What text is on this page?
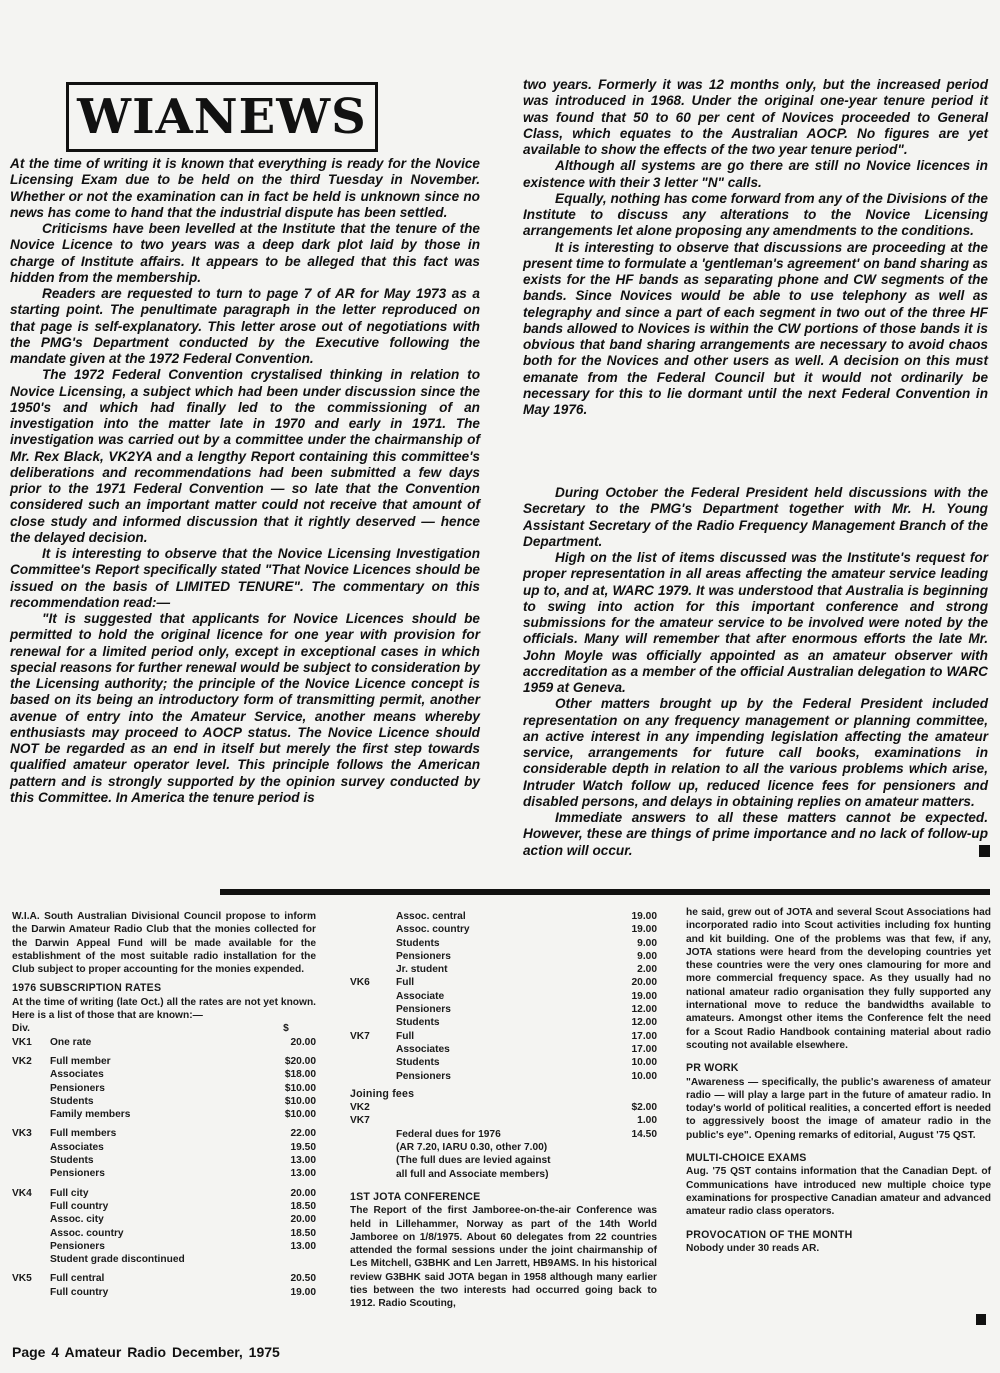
WIANEWS

At the time of writing it is known that everything is ready for the Novice Licensing Exam due to be held on the third Tuesday in November. Whether or not the examination can in fact be held is unknown since no news has come to hand that the industrial dispute has been settled.

Criticisms have been levelled at the Institute that the tenure of the Novice Licence to two years was a deep dark plot laid by those in charge of Institute affairs. It appears to be alleged that this fact was hidden from the membership.

Readers are requested to turn to page 7 of AR for May 1973 as a starting point. The penultimate paragraph in the letter reproduced on that page is self-explanatory. This letter arose out of negotiations with the PMG's Department conducted by the Executive following the mandate given at the 1972 Federal Convention.

The 1972 Federal Convention crystalised thinking in relation to Novice Licensing, a subject which had been under discussion since the 1950's and which had finally led to the commissioning of an investigation into the matter late in 1970 and early in 1971. The investigation was carried out by a committee under the chairmanship of Mr. Rex Black, VK2YA and a lengthy Report containing this committee's deliberations and recommendations had been submitted a few days prior to the 1971 Federal Convention — so late that the Convention considered such an important matter could not receive that amount of close study and informed discussion that it rightly deserved — hence the delayed decision.

It is interesting to observe that the Novice Licensing Investigation Committee's Report specifically stated "That Novice Licences should be issued on the basis of LIMITED TENURE". The commentary on this recommendation read:—

"It is suggested that applicants for Novice Licences should be permitted to hold the original licence for one year with provision for renewal for a limited period only, except in exceptional cases in which special reasons for further renewal would be subject to consideration by the Licensing authority; the principle of the Novice Licence concept is based on its being an introductory form of transmitting permit, another avenue of entry into the Amateur Service, another means whereby enthusiasts may proceed to AOCP status. The Novice Licence should NOT be regarded as an end in itself but merely the first step towards qualified amateur operator level. This principle follows the American pattern and is strongly supported by the opinion survey conducted by this Committee. In America the tenure period is

two years. Formerly it was 12 months only, but the increased period was introduced in 1968. Under the original one-year tenure period it was found that 50 to 60 per cent of Novices proceeded to General Class, which equates to the Australian AOCP. No figures are yet available to show the effects of the two year tenure period".

Although all systems are go there are still no Novice licences in existence with their 3 letter "N" calls.

Equally, nothing has come forward from any of the Divisions of the Institute to discuss any alterations to the Novice Licensing arrangements let alone proposing any amendments to the conditions.

It is interesting to observe that discussions are proceeding at the present time to formulate a 'gentleman's agreement' on band sharing as exists for the HF bands as separating phone and CW segments of the bands. Since Novices would be able to use telephony as well as telegraphy and since a part of each segment in two out of the three HF bands allowed to Novices is within the CW portions of those bands it is obvious that band sharing arrangements are necessary to avoid chaos both for the Novices and other users as well. A decision on this must emanate from the Federal Council but it would not ordinarily be necessary for this to lie dormant until the next Federal Convention in May 1976.

During October the Federal President held discussions with the Secretary to the PMG's Department together with Mr. H. Young Assistant Secretary of the Radio Frequency Management Branch of the Department.

High on the list of items discussed was the Institute's request for proper representation in all areas affecting the amateur service leading up to, and at, WARC 1979. It was understood that Australia is beginning to swing into action for this important conference and strong submissions for the amateur service to be involved were noted by the officials. Many will remember that after enormous efforts the late Mr. John Moyle was officially appointed as an amateur observer with accreditation as a member of the official Australian delegation to WARC 1959 at Geneva.

Other matters brought up by the Federal President included representation on any frequency management or planning committee, an active interest in any impending legislation affecting the amateur service, arrangements for future call books, examinations in considerable depth in relation to all the various problems which arise, Intruder Watch follow up, reduced licence fees for pensioners and disabled persons, and delays in obtaining replies on amateur matters.

Immediate answers to all these matters cannot be expected. However, these are things of prime importance and no lack of follow-up action will occur.

W.I.A. South Australian Divisional Council propose to inform the Darwin Amateur Radio Club that the monies collected for the Darwin Appeal Fund will be made available for the establishment of the most suitable radio installation for the Club subject to proper accounting for the monies expended.

1976 SUBSCRIPTION RATES

At the time of writing (late Oct.) all the rates are not yet known. Here is a list of those that are known:—

Div.	$
VK1	One rate	20.00
VK2	Full member	$20.00
Associates	$18.00
Pensioners	$10.00
Students	$10.00
Family members	$10.00
VK3	Full members	22.00
Associates	19.50
Students	13.00
Pensioners	13.00
VK4	Full city	20.00
Full country	18.50
Assoc. city	20.00
Assoc. country	18.50
Pensioners	13.00
Student grade discontinued
VK5	Full central	20.50
Full country	19.00
Assoc. central	19.00
Assoc. country	19.00
Students	9.00
Pensioners	9.00
Jr. student	2.00
VK6	Full	20.00
Associate	19.00
Pensioners	12.00
Students	12.00
VK7	Full	17.00
Associates	17.00
Students	10.00
Pensioners	10.00
Joining fees
VK2	$2.00
VK7	1.00
Federal dues for 1976	14.50
(AR 7.20, IARU 0.30, other 7.00)
(The full dues are levied against
all full and Associate members)
1ST JOTA CONFERENCE

The Report of the first Jamboree-on-the-air Conference was held in Lillehammer, Norway as part of the 14th World Jamboree on 1/8/1975. About 60 delegates from 22 countries attended the formal sessions under the joint chairmanship of Les Mitchell, G3BHK and Len Jarrett, HB9AMS. In his historical review G3BHK said JOTA began in 1958 although many earlier ties between the two interests had occurred going back to 1912. Radio Scouting,

he said, grew out of JOTA and several Scout Associations had incorporated radio into Scout activities including fox hunting and kit building. One of the problems was that few, if any, JOTA stations were heard from the developing countries yet these countries were the very ones clamouring for more and more commercial frequency space. As they usually had no national amateur radio organisation they fully supported any international move to reduce the bandwidths available to amateurs. Amongst other items the Conference felt the need for a Scout Radio Handbook containing material about radio scouting not available elsewhere.

PR WORK

"Awareness — specifically, the public's awareness of amateur radio — will play a large part in the future of amateur radio. In today's world of political realities, a concerted effort is needed to aggressively boost the image of amateur radio in the public's eye". Opening remarks of editorial, August '75 QST.

MULTI-CHOICE EXAMS

Aug. '75 QST contains information that the Canadian Dept. of Communications have introduced new multiple choice type examinations for prospective Canadian amateur and advanced amateur radio class operators.

PROVOCATION OF THE MONTH

Nobody under 30 reads AR.

Page 4 Amateur Radio December, 1975
